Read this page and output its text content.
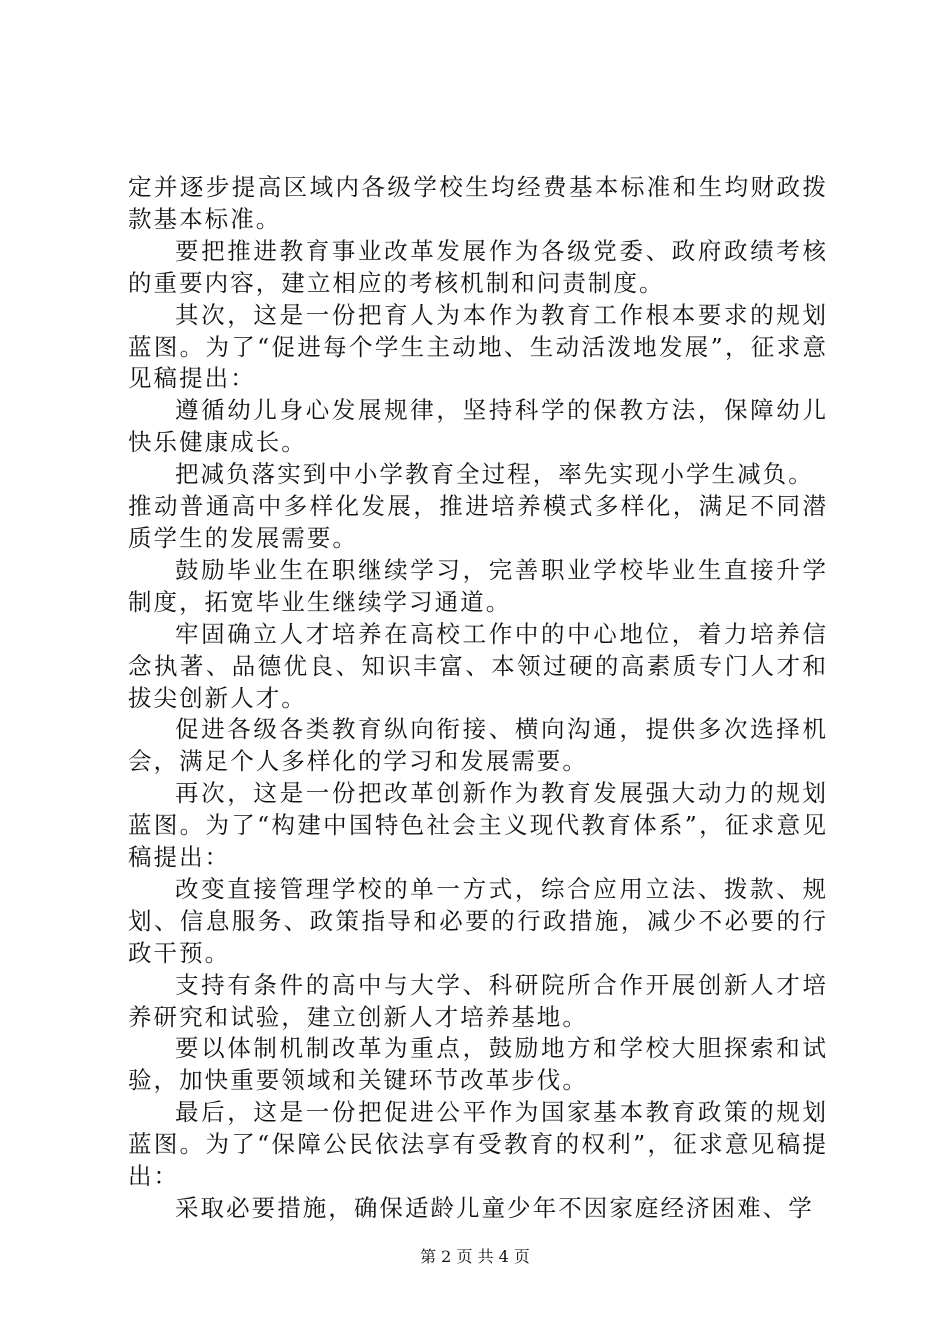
定并逐步提高区域内各级学校生均经费基本标准和生均财政拨款基本标准。

要把推进教育事业改革发展作为各级党委、政府政绩考核的重要内容，建立相应的考核机制和问责制度。

其次，这是一份把育人为本作为教育工作根本要求的规划蓝图。为了“促进每个学生主动地、生动活泼地发展”，征求意见稿提出：

遵循幼儿身心发展规律，坚持科学的保教方法，保障幼儿快乐健康成长。

把减负落实到中小学教育全过程，率先实现小学生减负。

推动普通高中多样化发展，推进培养模式多样化，满足不同潜质学生的发展需要。

鼓励毕业生在职继续学习，完善职业学校毕业生直接升学制度，拓宽毕业生继续学习通道。

牢固确立人才培养在高校工作中的中心地位，着力培养信念执著、品德优良、知识丰富、本领过硬的高素质专门人才和拔尖创新人才。

促进各级各类教育纵向衔接、横向沟通，提供多次选择机会，满足个人多样化的学习和发展需要。

再次，这是一份把改革创新作为教育发展强大动力的规划蓝图。为了“构建中国特色社会主义现代教育体系”，征求意见稿提出：

改变直接管理学校的单一方式，综合应用立法、拨款、规划、信息服务、政策指导和必要的行政措施，减少不必要的行政干预。

支持有条件的高中与大学、科研院所合作开展创新人才培养研究和试验，建立创新人才培养基地。

要以体制机制改革为重点，鼓励地方和学校大胆探索和试验，加快重要领域和关键环节改革步伐。

最后，这是一份把促进公平作为国家基本教育政策的规划蓝图。为了“保障公民依法享有受教育的权利”，征求意见稿提出：

采取必要措施，确保适龄儿童少年不因家庭经济困难、学

第 2 页 共 4 页
